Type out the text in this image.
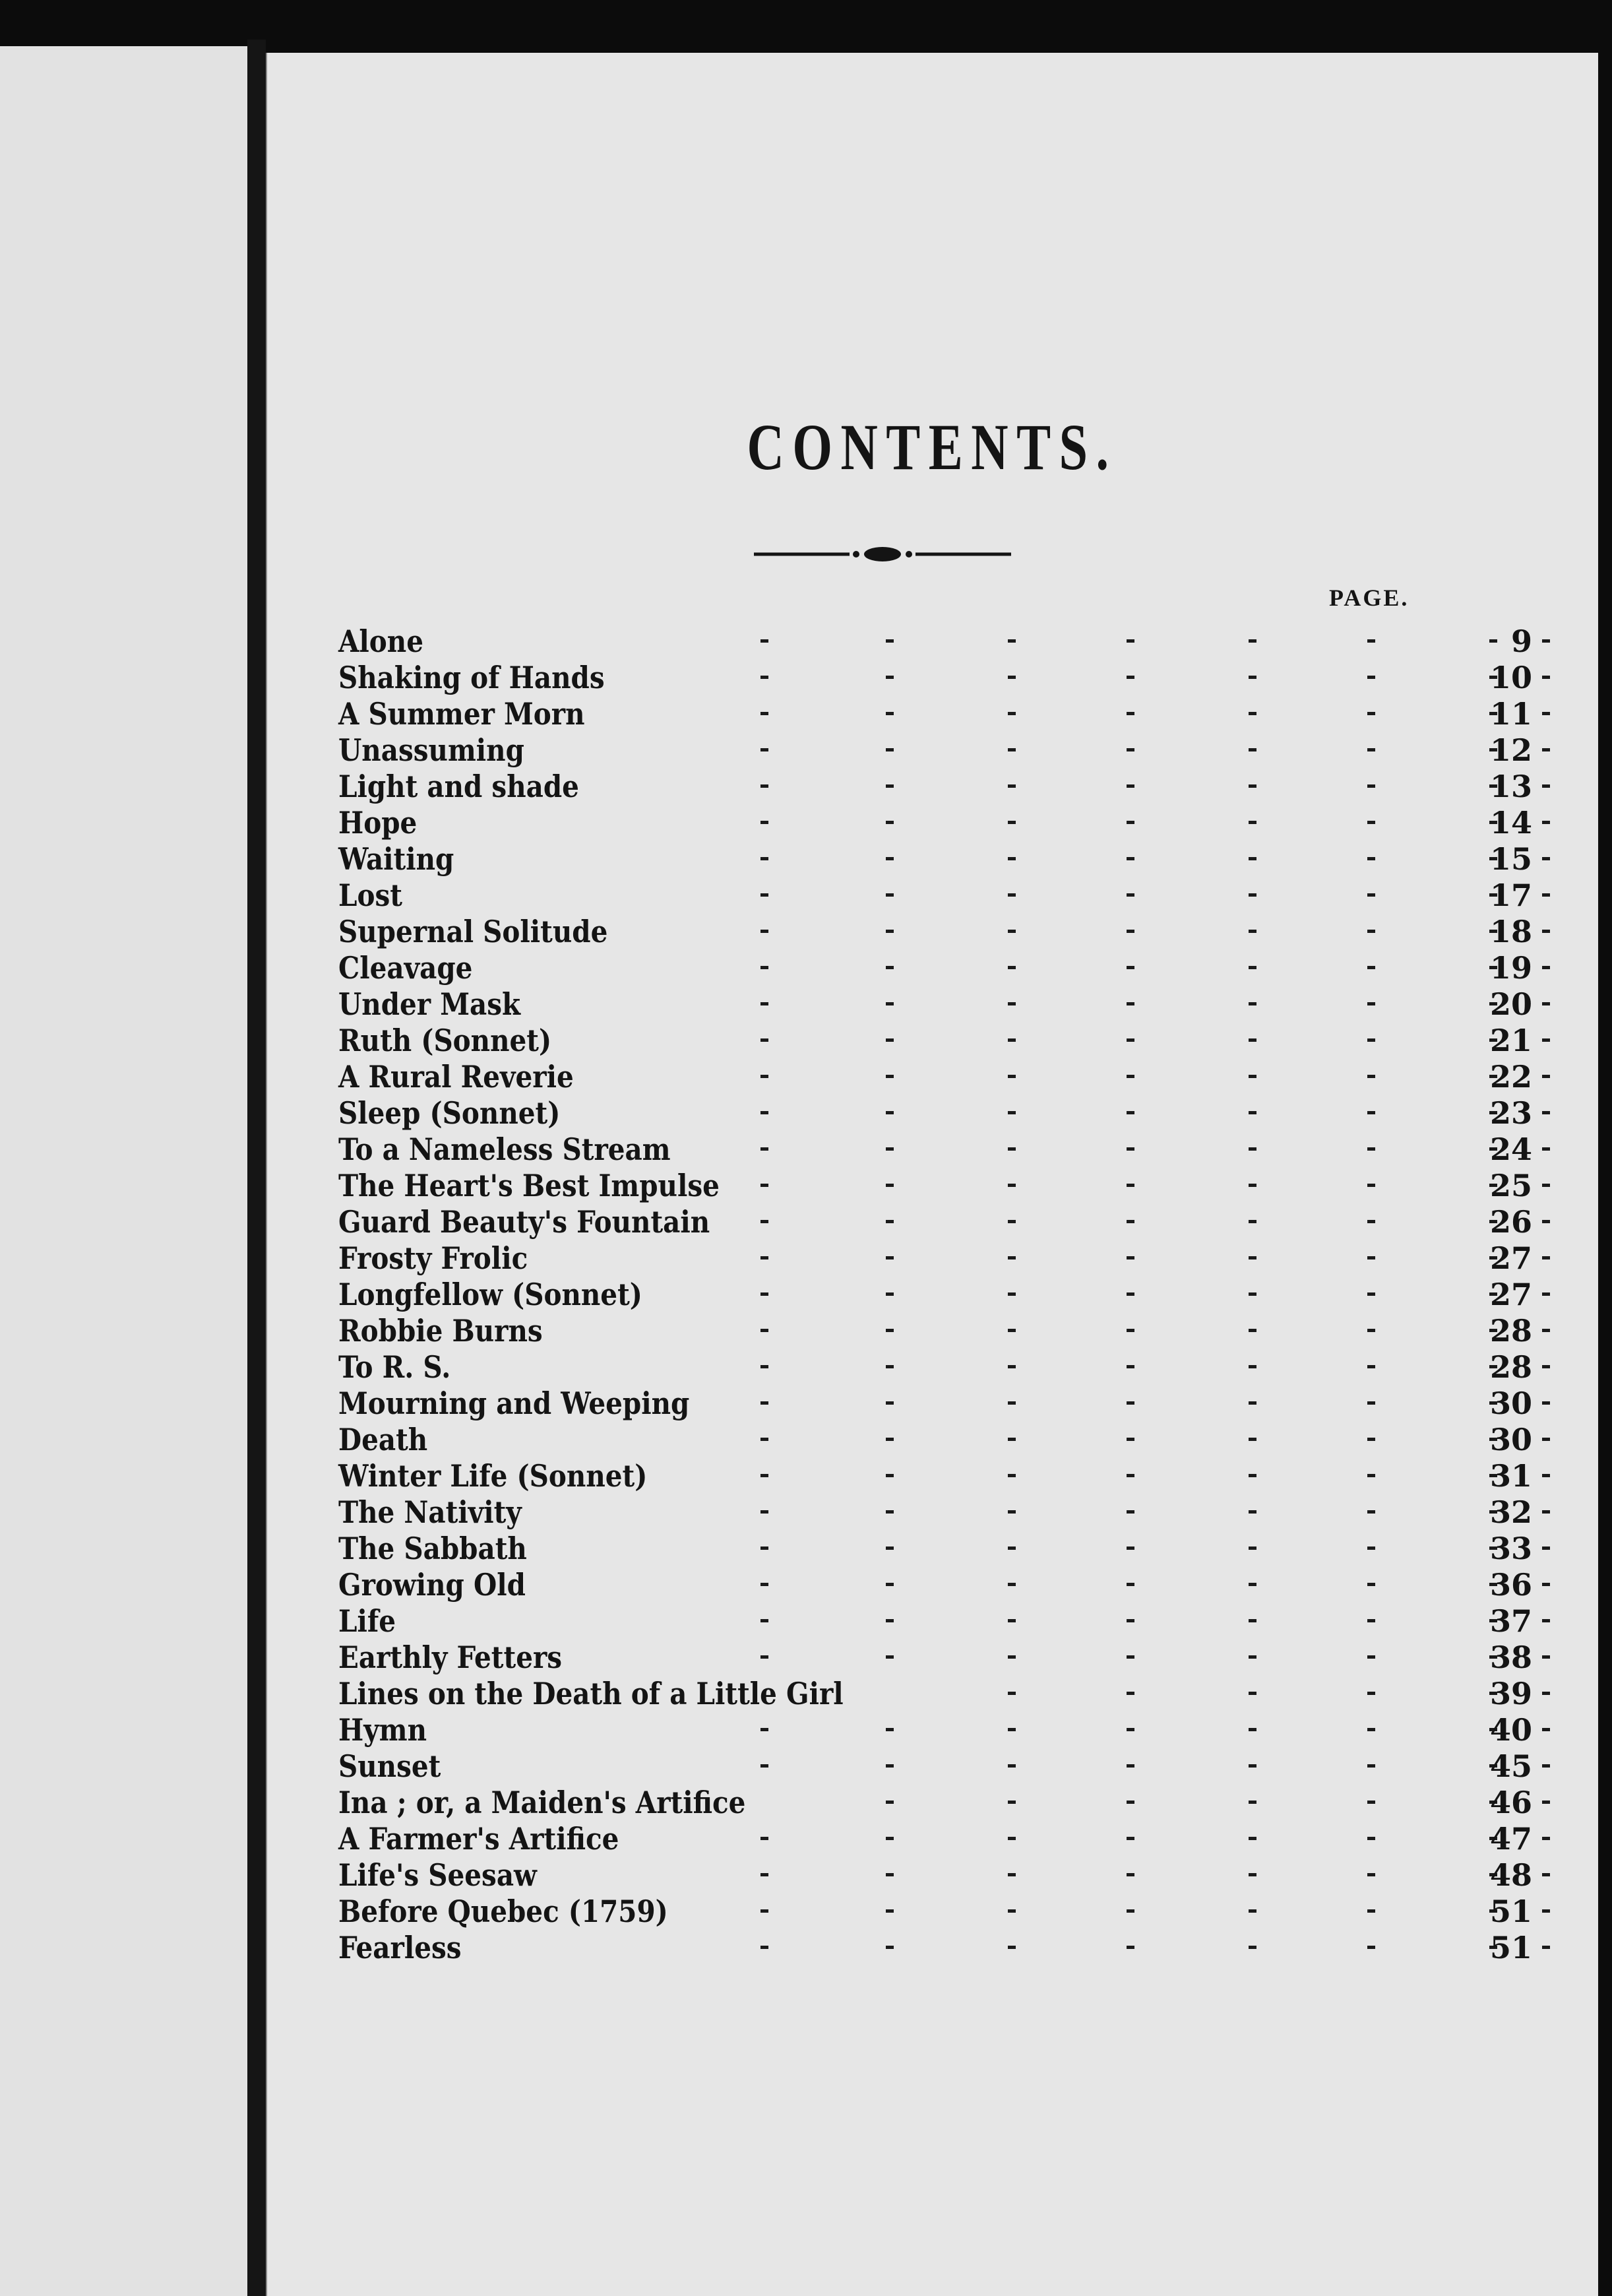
CONTENTS.
PAGE.
Alone	9
Shaking of Hands	10
A Summer Morn	11
Unassuming	12
Light and shade	13
Hope	14
Waiting	15
Lost	17
Supernal Solitude	18
Cleavage	19
Under Mask	20
Ruth (Sonnet)	21
A Rural Reverie	22
Sleep (Sonnet)	23
To a Nameless Stream	24
The Heart's Best Impulse	25
Guard Beauty's Fountain	26
Frosty Frolic	27
Longfellow (Sonnet)	27
Robbie Burns	28
To R. S.	28
Mourning and Weeping	30
Death	30
Winter Life (Sonnet)	31
The Nativity	32
The Sabbath	33
Growing Old	36
Life	37
Earthly Fetters	38
Lines on the Death of a Little Girl	39
Hymn	40
Sunset	45
Ina ; or, a Maiden's Artifice	46
A Farmer's Artifice	47
Life's Seesaw	48
Before Quebec (1759)	51
Fearless	51
